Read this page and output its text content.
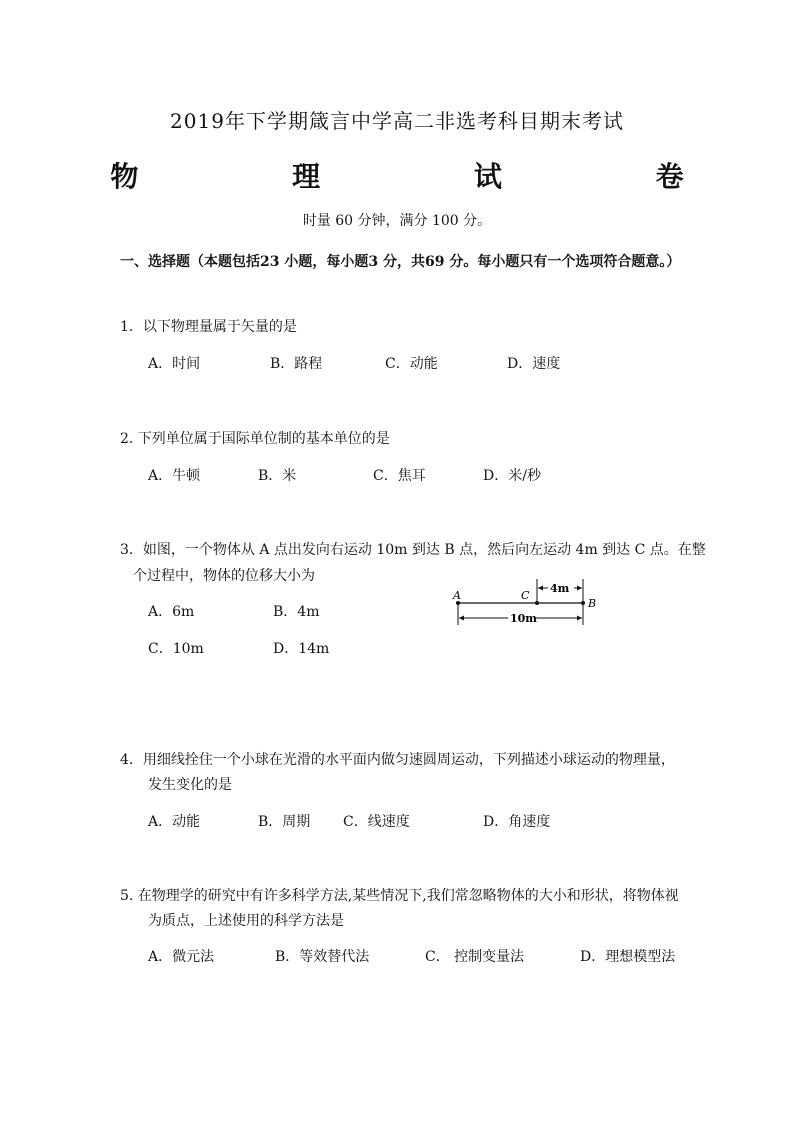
2019年下学期箴言中学高二非选考科目期末考试
物 理 试 卷
时量 60 分钟，满分 100 分。
一、选择题（本题包括23 小题，每小题3 分，共69 分。每小题只有一个选项符合题意。）
1．以下物理量属于矢量的是
A．时间	B．路程	C．动能	D．速度
2. 下列单位属于国际单位制的基本单位的是
A．牛顿	B．米	C．焦耳	D．米/秒
3．如图，一个物体从 A 点出发向右运动 10m 到达 B 点，然后向左运动 4m 到达 C 点。在整
个过程中，物体的位移大小为
A．6m	B．4m
C．10m	D．14m
A	C
B
4m
10m
4．用细线拴住一个小球在光滑的水平面内做匀速圆周运动，下列描述小球运动的物理量，
发生变化的是
A．动能	B．周期 C．线速度	D．角速度
5. 在物理学的研究中有许多科学方法,某些情况下,我们常忽略物体的大小和形状，将物体视
为质点，上述使用的科学方法是
A．微元法	B．等效替代法	C． 控制变量法	D．理想模型法
